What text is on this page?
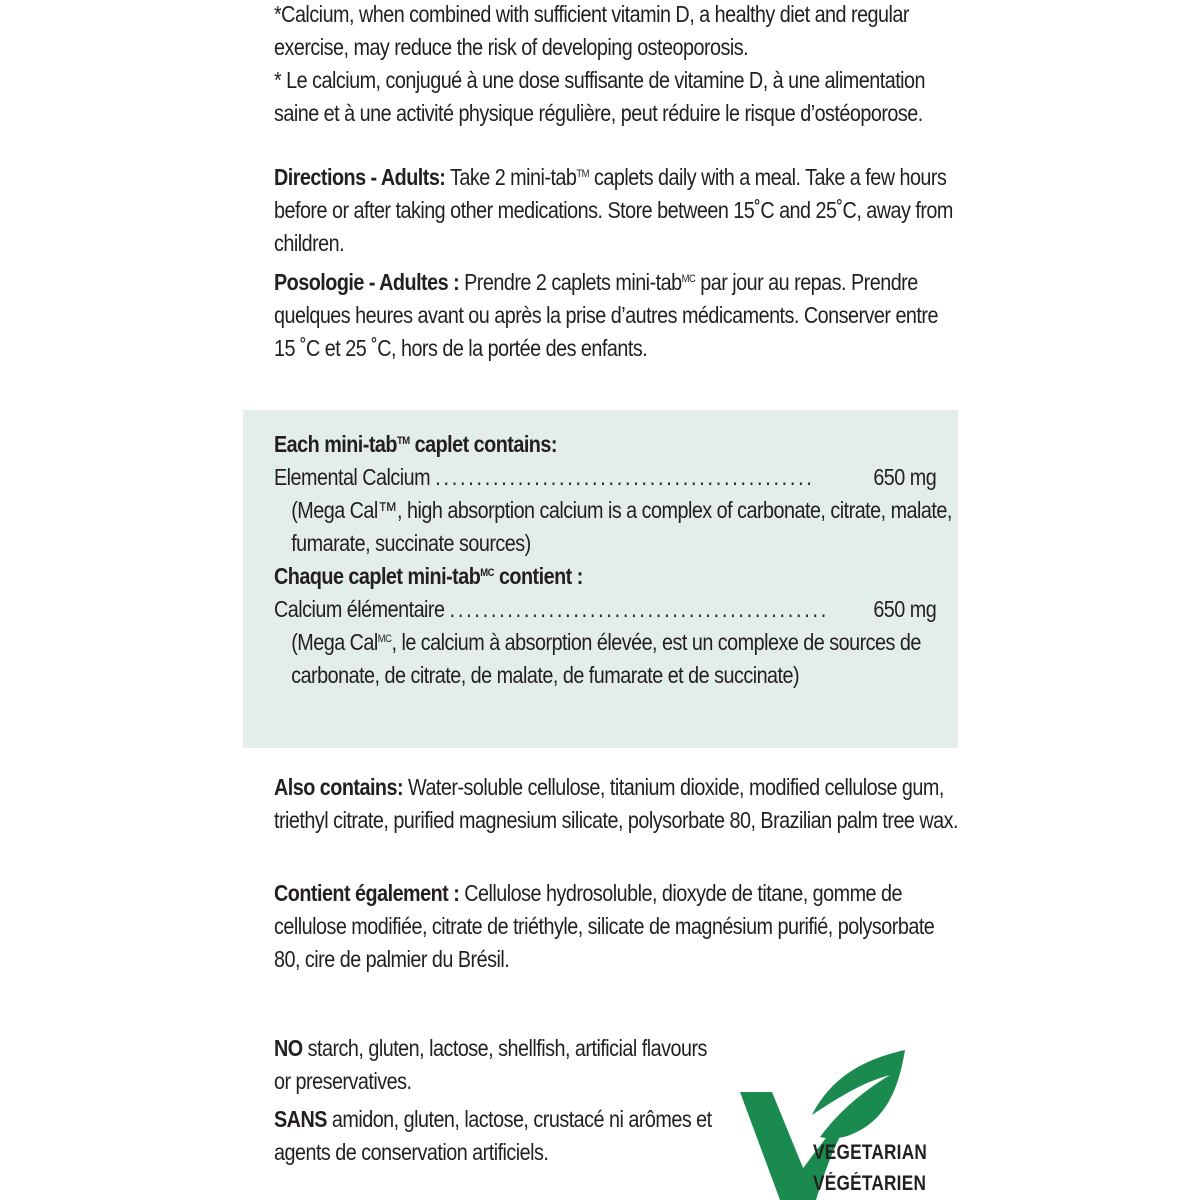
*Calcium, when combined with sufficient vitamin D, a healthy diet and regular exercise, may reduce the risk of developing osteoporosis.

* Le calcium, conjugué à une dose suffisante de vitamine D, à une alimentation saine et à une activité physique régulière, peut réduire le risque d’ostéoporose.

Directions - Adults: Take 2 mini-tab™ caplets daily with a meal. Take a few hours before or after taking other medications. Store between 15˚C and 25˚C, away from children.

Posologie - Adultes : Prendre 2 caplets mini-tab$^{MC}$ par jour au repas. Prendre quelques heures avant ou après la prise d’autres médicaments. Conserver entre 15 ˚C et 25 ˚C, hors de la portée des enfants.

Each mini-tab™ caplet contains:

Elemental Calcium ..............................................	650 mg

(Mega Cal™, high absorption calcium is a complex of carbonate, citrate, malate, fumarate, succinate sources)

Chaque caplet mini-tab$^{MC}$ contient :

Calcium élémentaire ..............................................	650 mg

(Mega Cal$^{MC}$, le calcium à absorption élevée, est un complexe de sources de carbonate, de citrate, de malate, de fumarate et de succinate)

Also contains: Water-soluble cellulose, titanium dioxide, modified cellulose gum, triethyl citrate, purified magnesium silicate, polysorbate 80, Brazilian palm tree wax.

Contient également : Cellulose hydrosoluble, dioxyde de titane, gomme de cellulose modifiée, citrate de triéthyle, silicate de magnésium purifié, polysorbate 80, cire de palmier du Brésil.

NO starch, gluten, lactose, shellfish, artificial flavours or preservatives.

SANS amidon, gluten, lactose, crustacé ni arômes et agents de conservation artificiels.	VEGETARIAN
VÉGÉTARIEN
